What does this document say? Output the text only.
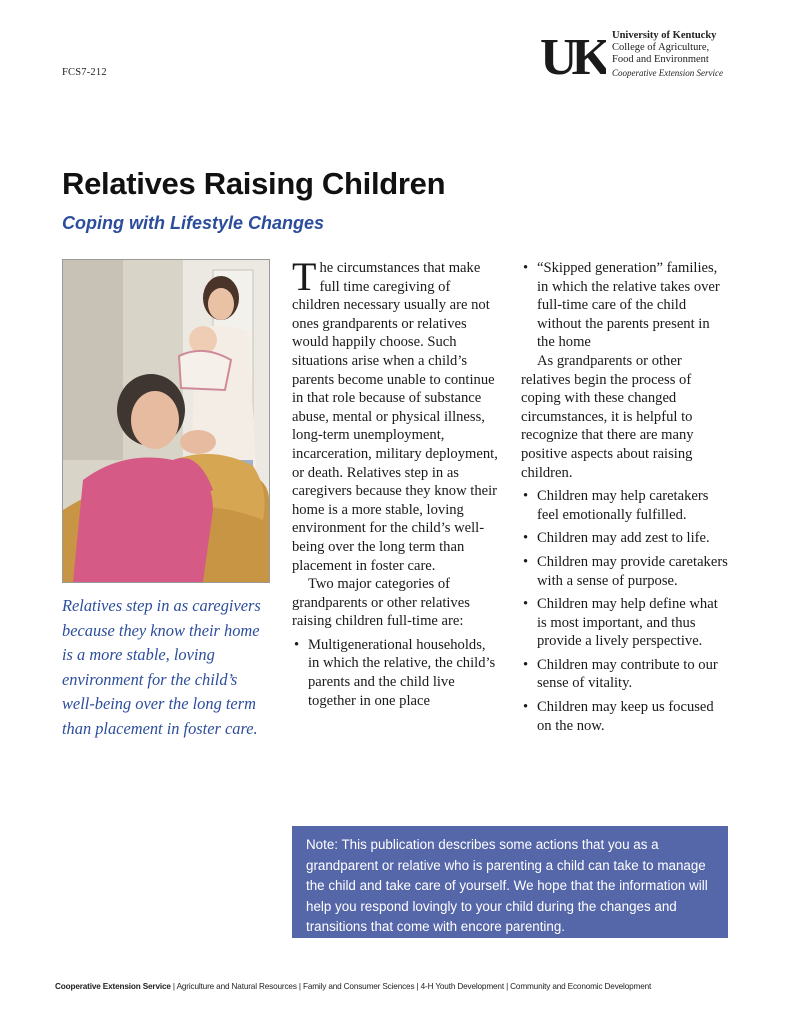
FCS7-212	UK University of Kentucky
College of Agriculture,
Food and Environment
Cooperative Extension Service
Relatives Raising Children
Coping with Lifestyle Changes
Relatives step in as caregivers because they know their home is a more stable, loving environment for the child’s well-being over the long term than placement in foster care.

The circumstances that make full time caregiving of children necessary usually are not ones grandparents or relatives would happily choose. Such situations arise when a child’s parents become unable to continue in that role because of substance abuse, mental or physical illness, long-term unemployment, incarceration, military deployment, or death. Relatives step in as caregivers because they know their home is a more stable, loving environment for the child’s well-being over the long term than placement in foster care.

Two major categories of grandparents or other relatives raising children full-time are:

• Multigenerational households, in which the relative, the child’s parents and the child live together in one place
• “Skipped generation” families, in which the relative takes over full-time care of the child without the parents present in the home

As grandparents or other relatives begin the process of coping with these changed circumstances, it is helpful to recognize that there are many positive aspects about raising children.

• Children may help caretakers feel emotionally fulfilled.
• Children may add zest to life.
• Children may provide caretakers with a sense of purpose.
• Children may help define what is most important, and thus provide a lively perspective.
• Children may contribute to our sense of vitality.
• Children may keep us focused on the now.
Note: This publication describes some actions that you as a grandparent or relative who is parenting a child can take to manage the child and take care of yourself. We hope that the information will help you respond lovingly to your child during the changes and transitions that come with encore parenting.
Cooperative Extension Service | Agriculture and Natural Resources | Family and Consumer Sciences | 4-H Youth Development | Community and Economic Development
